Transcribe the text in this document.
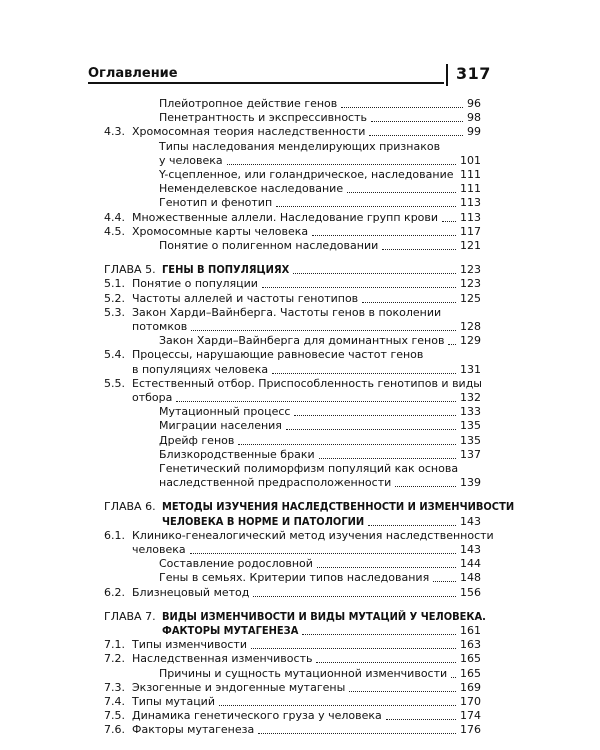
Оглавление	317
Плейотропное действие генов	96
Пенетрантность и экспрессивность	98
4.3. Хромосомная теория наследственности	99
Типы наследования менделирующих признаков
у человека	101
Y-сцепленное, или голандрическое, наследование 111
Неменделевское наследование	111
Генотип и фенотип	113
4.4. Множественные аллели. Наследование групп крови 113
4.5. Хромосомные карты человека	117
Понятие о полигенном наследовании	121
ГЛАВА 5. ГЕНЫ В ПОПУЛЯЦИЯХ	123
5.1. Понятие о популяции	123
5.2. Частоты аллелей и частоты генотипов	125
5.3. Закон Харди–Вайнберга. Частоты генов в поколении
потомков	128
Закон Харди–Вайнберга для доминантных генов 129
5.4. Процессы, нарушающие равновесие частот генов
в популяциях человека	131
5.5. Естественный отбор. Приспособленность генотипов и виды
отбора	132
Мутационный процесс	133
Миграции населения	135
Дрейф генов	135
Близкородственные браки	137
Генетический полиморфизм популяций как основа
наследственной предрасположенности	139
ГЛАВА 6. МЕТОДЫ ИЗУЧЕНИЯ НАСЛЕДСТВЕННОСТИ И ИЗМЕНЧИВОСТИ
ЧЕЛОВЕКА В НОРМЕ И ПАТОЛОГИИ	143
6.1. Клинико-генеалогический метод изучения наследственности
человека	143
Составление родословной	144
Гены в семьях. Критерии типов наследования	148
6.2. Близнецовый метод	156
ГЛАВА 7. ВИДЫ ИЗМЕНЧИВОСТИ И ВИДЫ МУТАЦИЙ У ЧЕЛОВЕКА.
ФАКТОРЫ МУТАГЕНЕЗА	161
7.1. Типы изменчивости	163
7.2. Наследственная изменчивость	165
Причины и сущность мутационной изменчивости 165
7.3. Экзогенные и эндогенные мутагены	169
7.4. Типы мутаций	170
7.5. Динамика генетического груза у человека	174
7.6. Факторы мутагенеза	176
